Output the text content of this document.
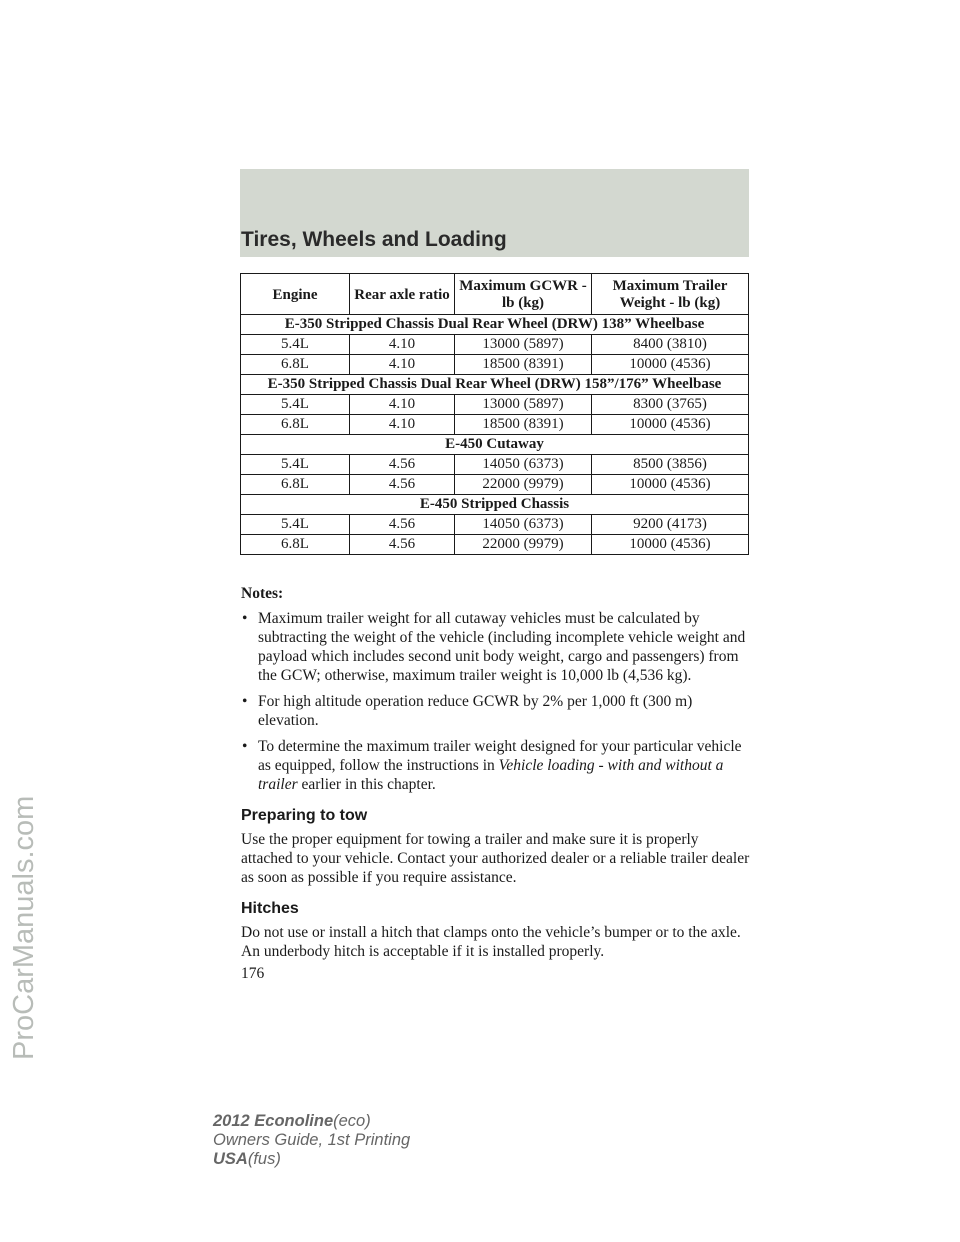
Tires, Wheels and Loading
ProCarManuals.com
Engine	Rear axle ratio	Maximum GCWR - lb (kg)	Maximum Trailer Weight - lb (kg)
E-350 Stripped Chassis Dual Rear Wheel (DRW) 138” Wheelbase			
5.4L	4.10	13000 (5897)	8400 (3810)
6.8L	4.10	18500 (8391)	10000 (4536)
E-350 Stripped Chassis Dual Rear Wheel (DRW) 158”/176” Wheelbase			
5.4L	4.10	13000 (5897)	8300 (3765)
6.8L	4.10	18500 (8391)	10000 (4536)
E-450 Cutaway			
5.4L	4.56	14050 (6373)	8500 (3856)
6.8L	4.56	22000 (9979)	10000 (4536)
E-450 Stripped Chassis			
5.4L	4.56	14050 (6373)	9200 (4173)
6.8L	4.56	22000 (9979)	10000 (4536)

Notes:

• Maximum trailer weight for all cutaway vehicles must be calculated by subtracting the weight of the vehicle (including incomplete vehicle weight and payload which includes second unit body weight, cargo and passengers) from the GCW; otherwise, maximum trailer weight is 10,000 lb (4,536 kg).
• For high altitude operation reduce GCWR by 2% per 1,000 ft (300 m) elevation.
• To determine the maximum trailer weight designed for your particular vehicle as equipped, follow the instructions in Vehicle loading - with and without a trailer earlier in this chapter.
Preparing to tow

Use the proper equipment for towing a trailer and make sure it is properly attached to your vehicle. Contact your authorized dealer or a reliable trailer dealer as soon as possible if you require assistance.

Hitches

Do not use or install a hitch that clamps onto the vehicle’s bumper or to the axle. An underbody hitch is acceptable if it is installed properly.

176
2012 Econoline(eco)
Owners Guide, 1st Printing
USA(fus)
